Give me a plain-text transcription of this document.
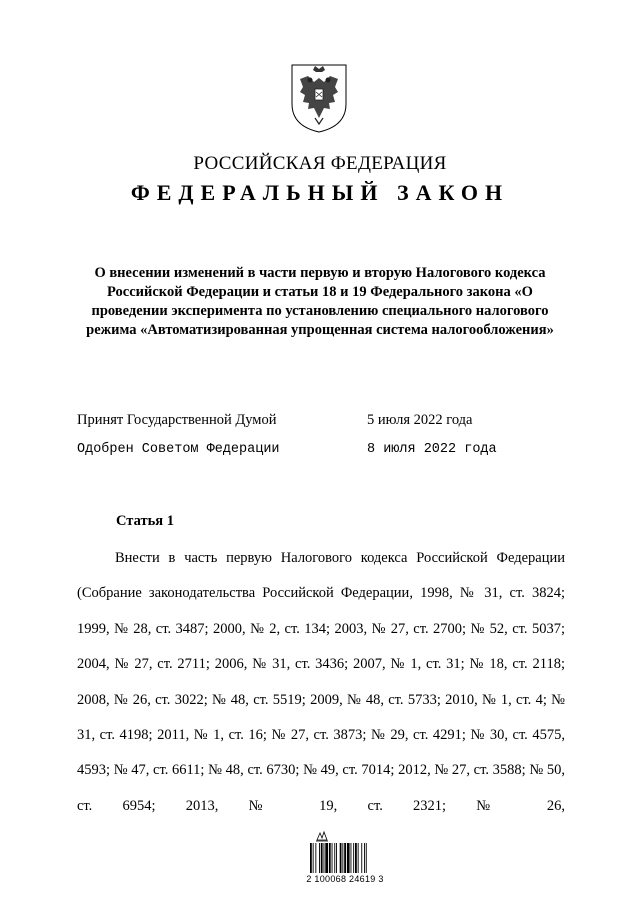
РОССИЙСКАЯ ФЕДЕРАЦИЯ
ФЕДЕРАЛЬНЫЙ ЗАКОН
О внесении изменений в части первую и вторую Налогового кодекса Российской Федерации и статьи 18 и 19 Федерального закона «О проведении эксперимента по установлению специального налогового режима «Автоматизированная упрощенная система налогообложения»
Принят Государственной Думой	5 июля 2022 года
Одобрен Советом Федерации	8 июля 2022 года
Статья 1
Внести в часть первую Налогового кодекса Российской Федерации (Собрание законодательства Российской Федерации, 1998, № 31, ст. 3824; 1999, № 28, ст. 3487; 2000, № 2, ст. 134; 2003, № 27, ст. 2700; № 52, ст. 5037; 2004, № 27, ст. 2711; 2006, № 31, ст. 3436; 2007, № 1, ст. 31; № 18, ст. 2118; 2008, № 26, ст. 3022; № 48, ст. 5519; 2009, № 48, ст. 5733; 2010, № 1, ст. 4; № 31, ст. 4198; 2011, № 1, ст. 16; № 27, ст. 3873; № 29, ст. 4291; № 30, ст. 4575, 4593; № 47, ст. 6611; № 48, ст. 6730; № 49, ст. 7014; 2012, № 27, ст. 3588; № 50, ст. 6954; 2013, № 19, ст. 2321; № 26,
2 100068 24619 3
